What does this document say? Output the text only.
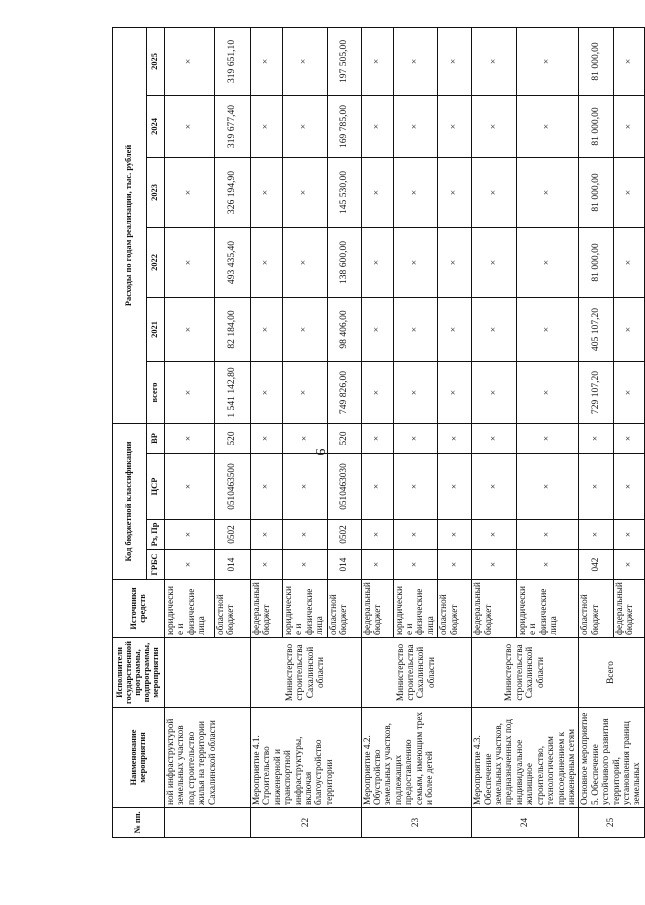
9
№ пп.	Наименование мероприятия	Исполнители государственной программы, подпрограммы, мероприятия	Источники средств	Код бюджетной классификации				Расходы по годам реализации, тыс. рублей					
				ГРБС	Рз, Пр	ЦСР	ВР	всего	2021	2022	2023	2024	2025
	ной инфраструктурой земельных участков под строительство жилья на территории Сахалинской области		юридические и физические лица	×	×	×	×	×	×	×	×	×	×
			областной бюджет	014	0502	0510463500	520	1 541 142,80	82 184,00	493 435,40	326 194,90	319 677,40	319 651,10
22	Мероприятие 4.1. Строительство инженерной и транспортной инфраструктуры, включая благоустройство территории	Министерство строительства Сахалинской области	федеральный бюджет	×	×	×	×	×	×	×	×	×	×
			юридические и физические лица	×	×	×	×	×	×	×	×	×	×
			областной бюджет	014	0502	0510463030	520	749 826,00	98 406,00	138 600,00	145 530,00	169 785,00	197 505,00
23	Мероприятие 4.2. Обустройство земельных участков, подлежащих предоставлению семьям, имеющим трех и более детей	Министерство строительства Сахалинской области	федеральный бюджет	×	×	×	×	×	×	×	×	×	×
			юридические и физические лица	×	×	×	×	×	×	×	×	×	×
			областной бюджет	×	×	×	×	×	×	×	×	×	×
24	Мероприятие 4.3. Обеспечение земельных участков, предназначенных под индивидуальное жилищное строительство, технологическим присоединением к инженерным сетям	Министерство строительства Сахалинской области	федеральный бюджет	×	×	×	×	×	×	×	×	×	×
			юридические и физические лица	×	×	×	×	×	×	×	×	×	×
25	Основное мероприятие 5. Обеспечение устойчивого развития территорий, установления границ земельных	Всего	областной бюджет	042	×	×	×	729 107,20	405 107,20	81 000,00	81 000,00	81 000,00	81 000,00
			федеральный бюджет	×	×	×	×	×	×	×	×	×	×
